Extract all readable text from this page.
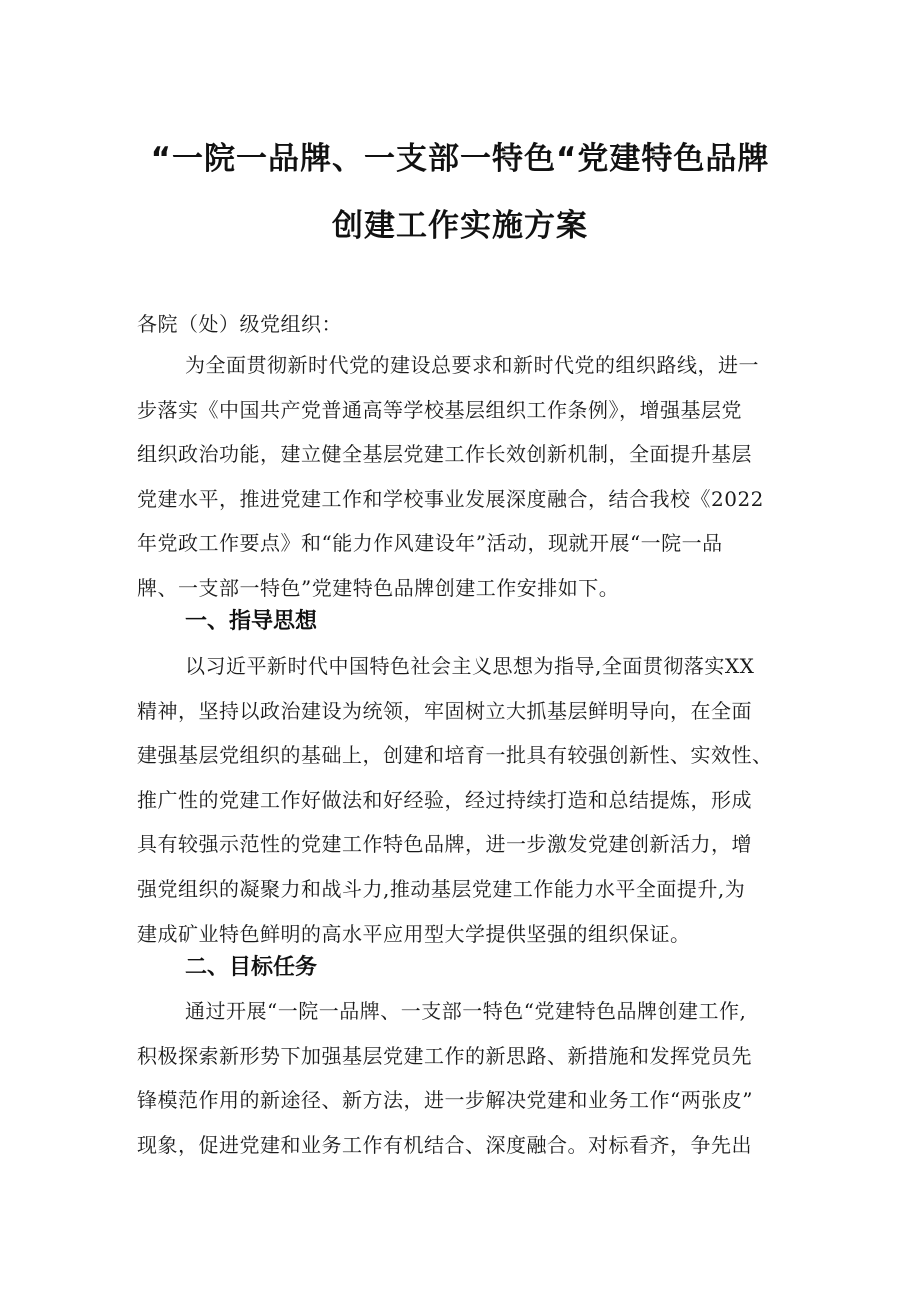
“一院一品牌、一支部一特色“党建特色品牌
创建工作实施方案
各院（处）级党组织：
为全面贯彻新时代党的建设总要求和新时代党的组织路线，进一
步落实《中国共产党普通高等学校基层组织工作条例》，增强基层党
组织政治功能，建立健全基层党建工作长效创新机制，全面提升基层
党建水平，推进党建工作和学校事业发展深度融合，结合我校《2022
年党政工作要点》和“能力作风建设年”活动，现就开展“一院一品
牌、一支部一特色”党建特色品牌创建工作安排如下。
一、指导思想
以习近平新时代中国特色社会主义思想为指导,全面贯彻落实XX
精神，坚持以政治建设为统领，牢固树立大抓基层鲜明导向，在全面
建强基层党组织的基础上，创建和培育一批具有较强创新性、实效性、
推广性的党建工作好做法和好经验，经过持续打造和总结提炼，形成
具有较强示范性的党建工作特色品牌，进一步激发党建创新活力，增
强党组织的凝聚力和战斗力,推动基层党建工作能力水平全面提升,为
建成矿业特色鲜明的高水平应用型大学提供坚强的组织保证。
二、目标任务
通过开展“一院一品牌、一支部一特色“党建特色品牌创建工作,
积极探索新形势下加强基层党建工作的新思路、新措施和发挥党员先
锋模范作用的新途径、新方法，进一步解决党建和业务工作“两张皮”
现象，促进党建和业务工作有机结合、深度融合。对标看齐，争先出
